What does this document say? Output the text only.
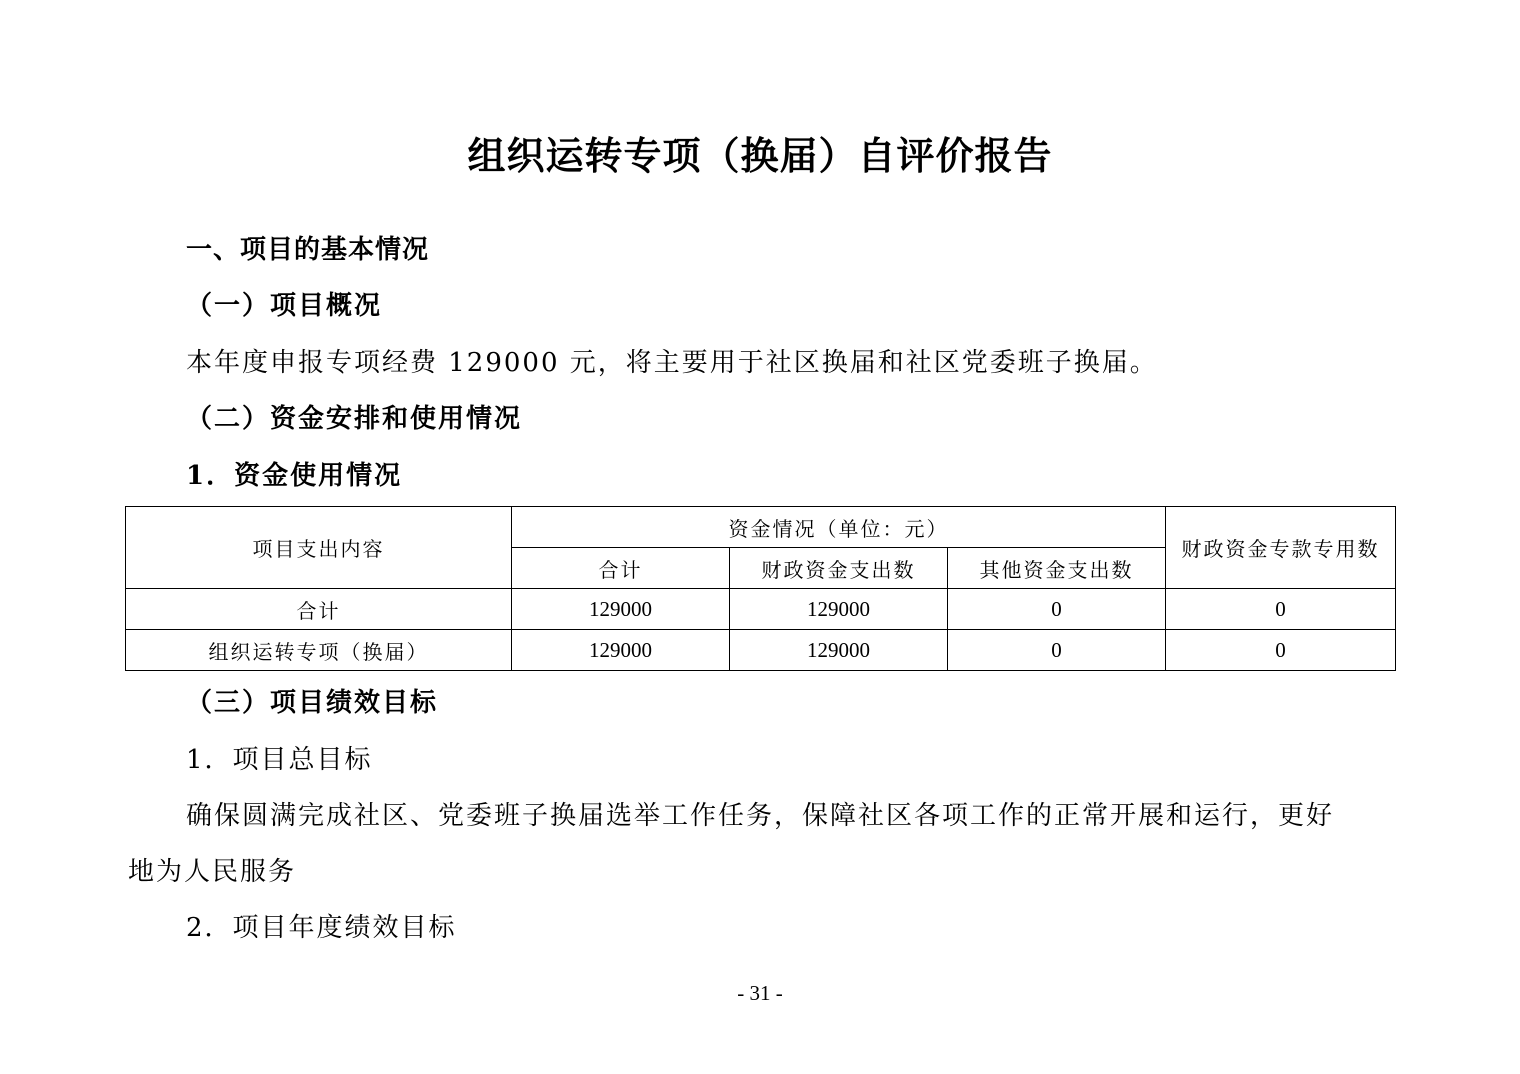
组织运转专项（换届）自评价报告
一、项目的基本情况
（一）项目概况
本年度申报专项经费 129000 元，将主要用于社区换届和社区党委班子换届。
（二）资金安排和使用情况
1．资金使用情况
项目支出内容	资金情况（单位：元）			财政资金专款专用数
	合计	财政资金支出数	其他资金支出数	
合计	129000	129000	0	0
组织运转专项（换届）	129000	129000	0	0
（三）项目绩效目标
1．项目总目标
确保圆满完成社区、党委班子换届选举工作任务，保障社区各项工作的正常开展和运行，更好
地为人民服务
2．项目年度绩效目标
- 31 -
